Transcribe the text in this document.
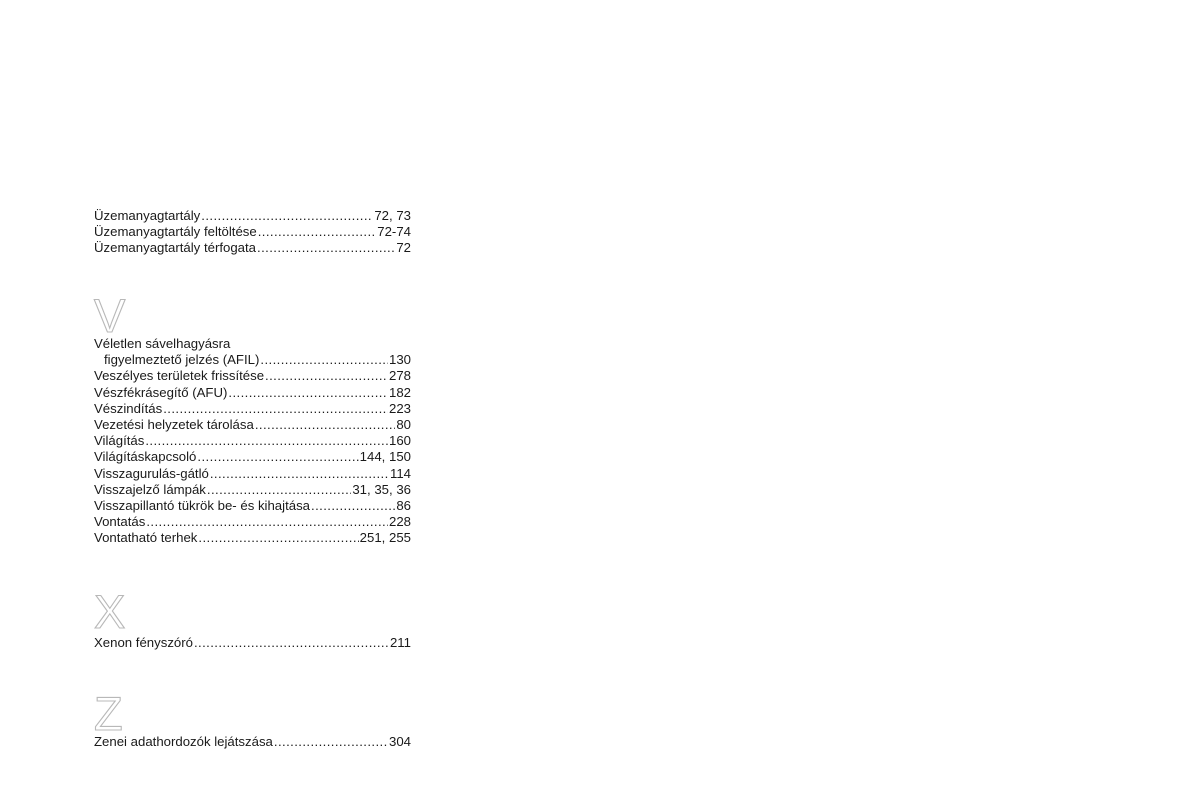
Üzemanyagtartály .....	72, 73
Üzemanyagtartály feltöltése .....	72-74
Üzemanyagtartály térfogata .....	72
V
Véletlen sávelhagyásra
figyelmeztető jelzés (AFIL) .....	130
Veszélyes területek frissítése .....	278
Vészfékrásegítő (AFU) .....	182
Vészindítás .....	223
Vezetési helyzetek tárolása .....	80
Világítás .....	160
Világításkapcsoló .....	144, 150
Visszagurulás-gátló .....	114
Visszajelző lámpák .....	31, 35, 36
Visszapillantó tükrök be- és kihajtása .....	86
Vontatás .....	228
Vontatható terhek .....	251, 255
X
Xenon fényszóró .....	211
Z
Zenei adathordozók lejátszása .....	304
